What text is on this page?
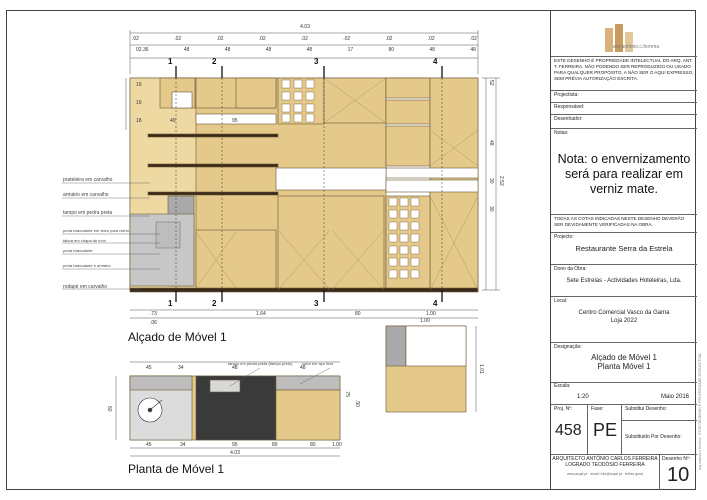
4.03
.02	.02	.02	.02	.02	.02	.02	.02	.02
02.36	48	48	48	48	17	80	48	48
1	2	3	4
1	2	3	4
19
19
18	40	95
52
48
30
30
2.52
prateleira em carvalho
armário em carvalho
tampo em pedra preta
porta basculante em vidro para nicho
tábua em chapa de inox
porta basculante
porta basculante e armário
rodapé em carvalho
.73
.06
1.64	80	1.00
Alçado de Móvel 1
1.00
1.01
tampo em pedra preta (tampo preto) cuba em aço inox
45	34	48	48
60
.75
.50
45	34	95	80	80	1.00
4.03
Planta de Móvel 1
arq.antónio.c.ferreira
ESTE DESENHO É PROPRIEDADE INTELECTUAL DO ARQ. ANT. T. FERREIRA, NÃO PODENDO SER REPRODUZIDO OU USADO PARA QUALQUER PROPÓSITO, A NÃO SER O AQUI EXPRESSO, SEM PRÉVIA AUTORIZAÇÃO ESCRITA.
Projectista:
Responsável:
Desenhador:
Notas:
Nota: o envernizamento será para realizar em verniz mate.
TODAS AS COTAS INDICADAS NESTE DESENHO DEVERÃO SER DEVIDAMENTE VERIFICADAS NA OBRA.
Projecto:
Restaurante Serra da Estrela
Dono da Obra:
Sete Estrelas - Actividades Hoteleiras, Lda.
Local:
Centro Comercial Vasco da Gama
Loja 2022
Designação:
Alçado de Móvel 1
Planta Móvel 1
Escala:
1:20	Maio 2016
Proj. Nº:
458
Fase:
PE
Substitui Desenho:
Substituido Por Desenho:
ARQUITECTO ANTÓNIO CARLOS FERREIRA
LOGRADO TEODÓSIO FERREIRA
www.arqaf.pt · email: info@arqaf.pt · tel/fax geral
Desenho Nº:
10
arq.antónio.c.ferreira · ESTE DESENHO É PROPRIEDADE INTELECTUAL
